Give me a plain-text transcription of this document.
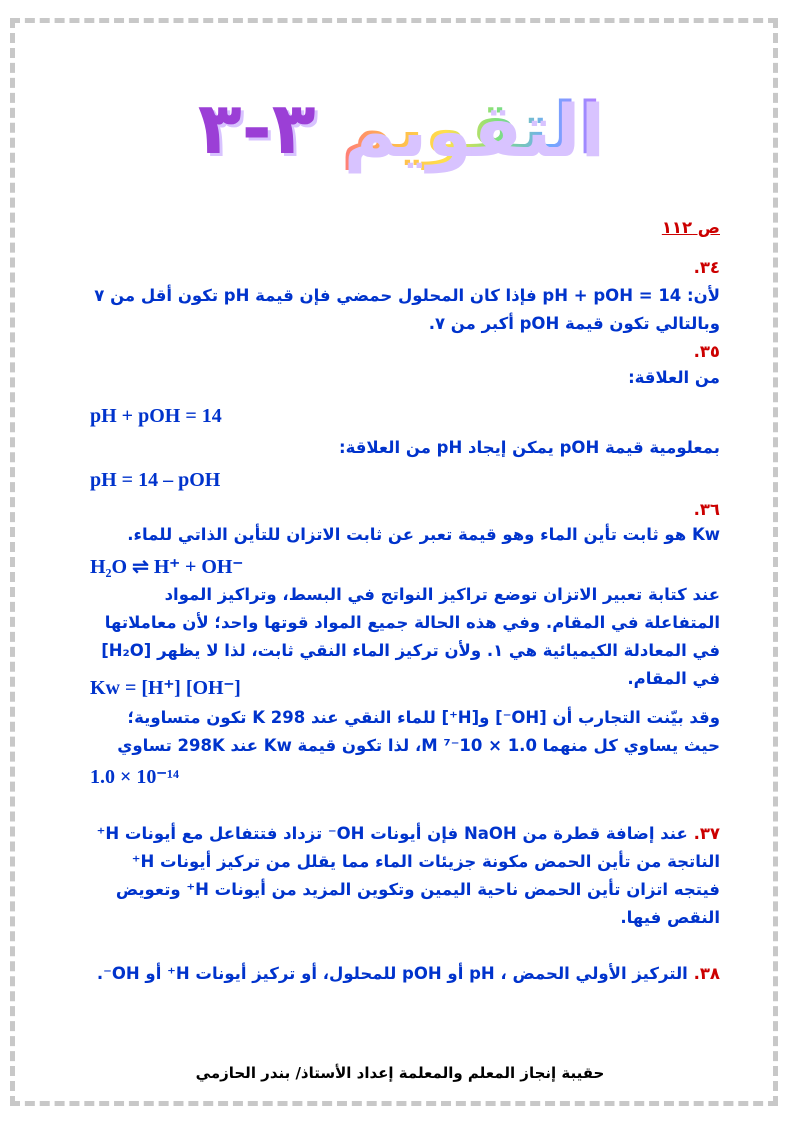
التقويم ٣-٣
ص ١١٢
٣٤.
لأن: pH + pOH = 14 فإذا كان المحلول حمضي فإن قيمة pH تكون أقل من ٧
وبالتالي تكون قيمة pOH أكبر من ٧.
٣٥.
من العلاقة:
pH + pOH = 14
بمعلومية قيمة pOH يمكن إيجاد pH من العلاقة:
pH = 14 – pOH
٣٦.
Kw هو ثابت تأين الماء وهو قيمة تعبر عن ثابت الاتزان للتأين الذاتي للماء.
H₂O ⇌ H⁺ + OH⁻
عند كتابة تعبير الاتزان توضع تراكيز النواتج في البسط، وتراكيز المواد المتفاعلة في المقام. وفي هذه الحالة جميع المواد قوتها واحد؛ لأن معاملاتها في المعادلة الكيميائية هي ١. ولأن تركيز الماء النقي ثابت، لذا لا يظهر [H₂O] في المقام.
Kw = [H⁺] [OH⁻]
وقد بيّنت التجارب أن [OH⁻] و[H⁺] للماء النقي عند 298 K تكون متساوية؛ حيث يساوي كل منهما 1.0 × 10⁻⁷ M، لذا تكون قيمة Kw عند 298K تساوي
1.0 × 10⁻¹⁴
٣٧. عند إضافة قطرة من NaOH فإن أيونات OH⁻ تزداد فتتفاعل مع أيونات H⁺ الناتجة من تأين الحمض مكونة جزيئات الماء مما يقلل من تركيز أيونات H⁺ فيتجه اتزان تأين الحمض ناحية اليمين وتكوين المزيد من أيونات H⁺ وتعويض النقص فيها.
٣٨. التركيز الأولي الحمض ، pH أو pOH للمحلول، أو تركيز أيونات H⁺ أو OH⁻.
حقيبة إنجاز المعلم والمعلمة إعداد الأستاذ/ بندر الحازمي
